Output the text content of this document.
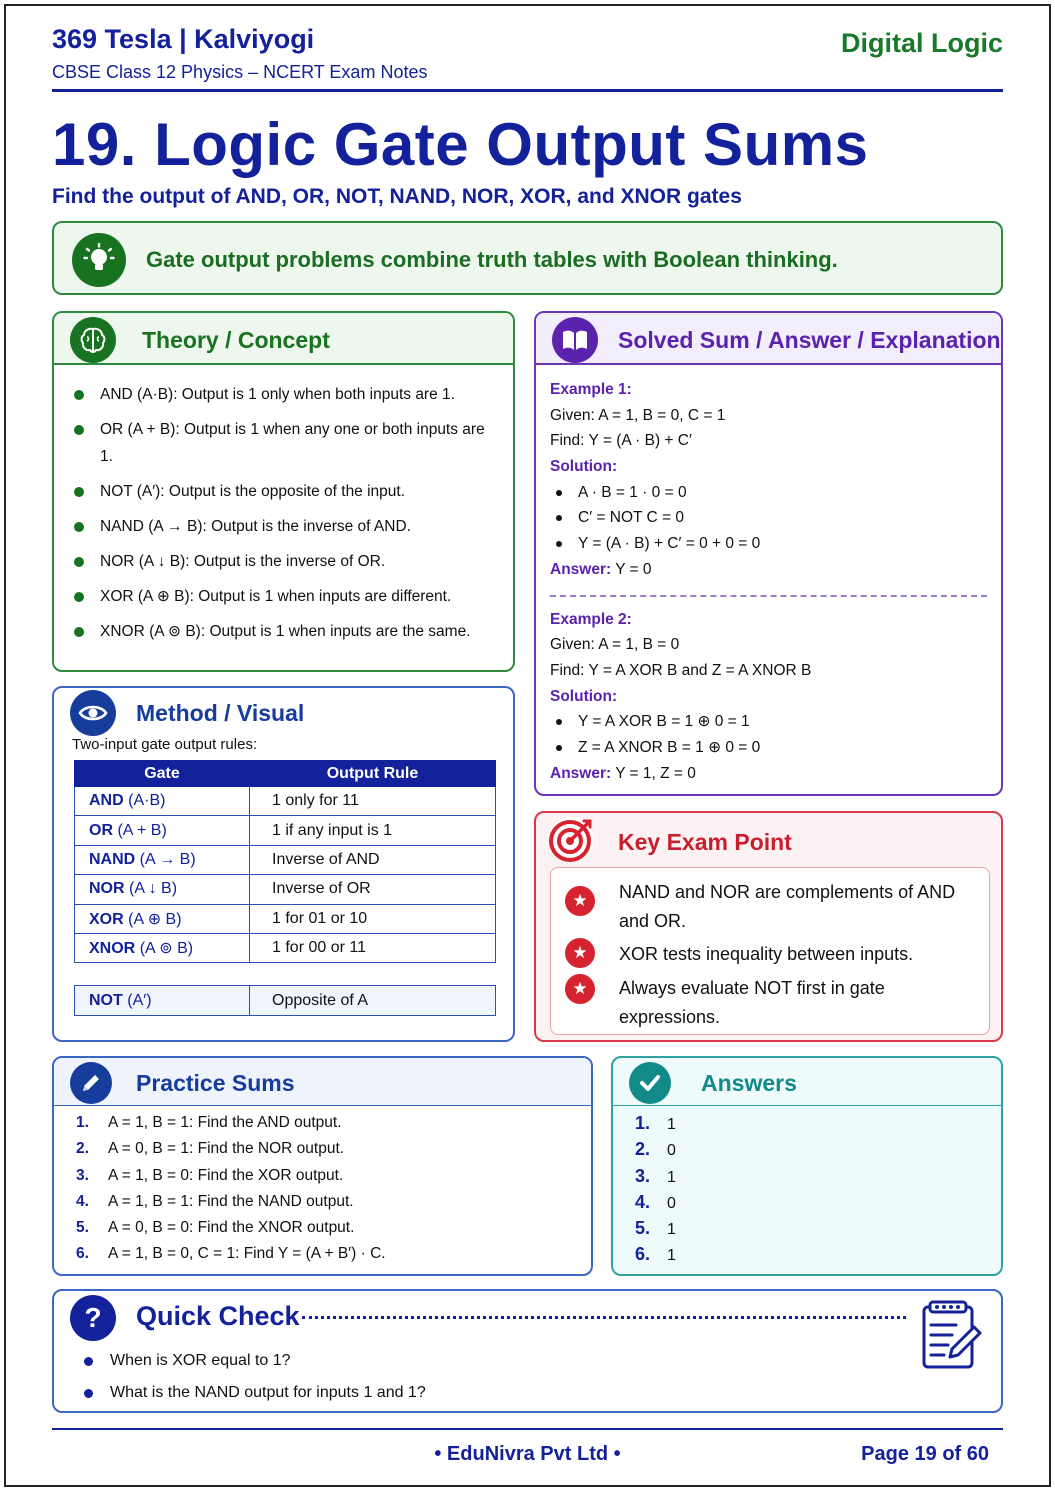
369 Tesla | Kalviyogi
CBSE Class 12 Physics – NCERT Exam Notes
Digital Logic
19. Logic Gate Output Sums
Find the output of AND, OR, NOT, NAND, NOR, XOR, and XNOR gates
Gate output problems combine truth tables with Boolean thinking.
Theory / Concept
AND (A·B): Output is 1 only when both inputs are 1.
OR (A + B): Output is 1 when any one or both inputs are 1.
NOT (A′): Output is the opposite of the input.
NAND (A → B): Output is the inverse of AND.
NOR (A ↓ B): Output is the inverse of OR.
XOR (A ⊕ B): Output is 1 when inputs are different.
XNOR (A ⊚ B): Output is 1 when inputs are the same.
Method / Visual
Two-input gate output rules:
Gate	Output Rule
AND (A·B)	1 only for 11
OR (A + B)	1 if any input is 1
NAND (A → B)	Inverse of AND
NOR (A ↓ B)	Inverse of OR
XOR (A ⊕ B)	1 for 01 or 10
XNOR (A ⊚ B)	1 for 00 or 11
NOT (A′)	Opposite of A
Solved Sum / Answer / Explanation
Example 1:
Given: A = 1, B = 0, C = 1
Find: Y = (A · B) + C′
Solution:
A · B = 1 · 0 = 0
C′ = NOT C = 0
Y = (A · B) + C′ = 0 + 0 = 0
Answer: Y = 0
Example 2:
Given: A = 1, B = 0
Find: Y = A XOR B and Z = A XNOR B
Solution:
Y = A XOR B = 1 ⊕ 0 = 1
Z = A XNOR B = 1 ⊕ 0 = 0
Answer: Y = 1, Z = 0
Key Exam Point
★	NAND and NOR are complements of AND and OR.
★	XOR tests inequality between inputs.
★	Always evaluate NOT first in gate expressions.
Practice Sums
1. A = 1, B = 1: Find the AND output.
2. A = 0, B = 1: Find the NOR output.
3. A = 1, B = 0: Find the XOR output.
4. A = 1, B = 1: Find the NAND output.
5. A = 0, B = 0: Find the XNOR output.
6. A = 1, B = 0, C = 1: Find Y = (A + B′) · C.
Answers
1. 1
2. 0
3. 1
4. 0
5. 1
6. 1
?	Quick Check
When is XOR equal to 1?
What is the NAND output for inputs 1 and 1?
• EduNivra Pvt Ltd •	Page 19 of 60
